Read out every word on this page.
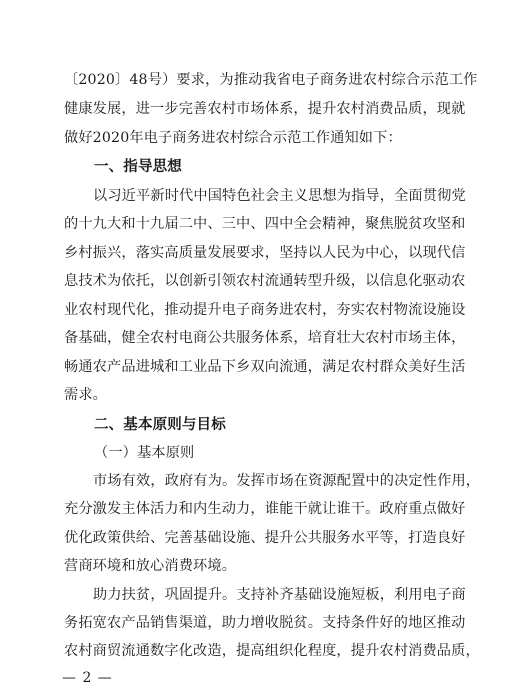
〔2020〕48号）要求，为推动我省电子商务进农村综合示范工作
健康发展，进一步完善农村市场体系，提升农村消费品质，现就
做好2020年电子商务进农村综合示范工作通知如下：
一、指导思想
以习近平新时代中国特色社会主义思想为指导，全面贯彻党
的十九大和十九届二中、三中、四中全会精神，聚焦脱贫攻坚和
乡村振兴，落实高质量发展要求，坚持以人民为中心，以现代信
息技术为依托，以创新引领农村流通转型升级，以信息化驱动农
业农村现代化，推动提升电子商务进农村，夯实农村物流设施设
备基础，健全农村电商公共服务体系，培育壮大农村市场主体，
畅通农产品进城和工业品下乡双向流通，满足农村群众美好生活
需求。
二、基本原则与目标
（一）基本原则
市场有效，政府有为。发挥市场在资源配置中的决定性作用，
充分激发主体活力和内生动力，谁能干就让谁干。政府重点做好
优化政策供给、完善基础设施、提升公共服务水平等，打造良好
营商环境和放心消费环境。
— 2 —
助力扶贫，巩固提升。支持补齐基础设施短板，利用电子商
务拓宽农产品销售渠道，助力增收脱贫。支持条件好的地区推动
农村商贸流通数字化改造，提高组织化程度，提升农村消费品质，
